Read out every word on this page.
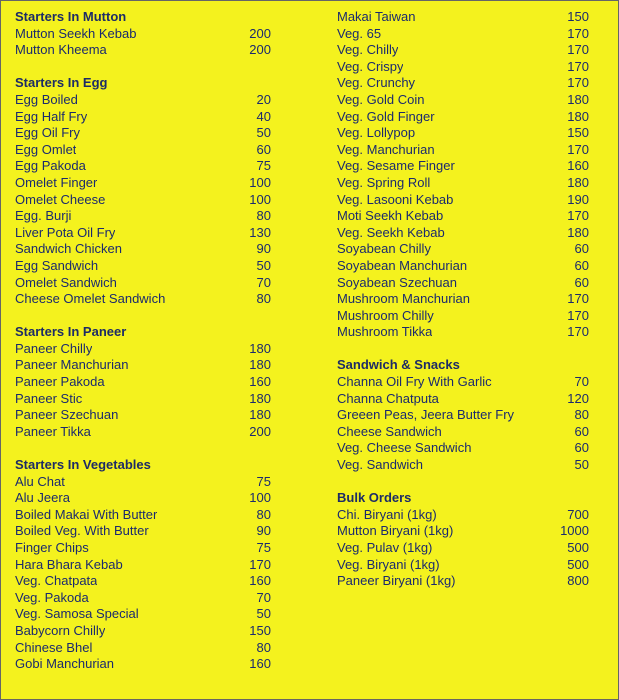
Starters In Mutton
Mutton Seekh Kebab	200
Mutton Kheema	200
Starters In Egg
Egg Boiled	20
Egg Half Fry	40
Egg Oil Fry	50
Egg Omlet	60
Egg Pakoda	75
Omelet Finger	100
Omelet Cheese	100
Egg. Burji	80
Liver Pota Oil Fry	130
Sandwich Chicken	90
Egg Sandwich	50
Omelet Sandwich	70
Cheese Omelet Sandwich	80
Starters In Paneer
Paneer Chilly	180
Paneer Manchurian	180
Paneer Pakoda	160
Paneer Stic	180
Paneer Szechuan	180
Paneer Tikka	200
Starters In Vegetables
Alu Chat	75
Alu Jeera	100
Boiled Makai With Butter	80
Boiled Veg. With Butter	90
Finger Chips	75
Hara Bhara Kebab	170
Veg. Chatpata	160
Veg. Pakoda	70
Veg. Samosa Special	50
Babycorn Chilly	150
Chinese Bhel	80
Gobi Manchurian	160
Makai Taiwan	150
Veg. 65	170
Veg. Chilly	170
Veg. Crispy	170
Veg. Crunchy	170
Veg. Gold Coin	180
Veg. Gold Finger	180
Veg. Lollypop	150
Veg. Manchurian	170
Veg. Sesame Finger	160
Veg. Spring Roll	180
Veg. Lasooni Kebab	190
Moti Seekh Kebab	170
Veg. Seekh Kebab	180
Soyabean Chilly	60
Soyabean Manchurian	60
Soyabean Szechuan	60
Mushroom Manchurian	170
Mushroom Chilly	170
Mushroom Tikka	170
Sandwich & Snacks
Channa Oil Fry With Garlic	70
Channa Chatputa	120
Greeen Peas, Jeera Butter Fry	80
Cheese Sandwich	60
Veg. Cheese Sandwich	60
Veg. Sandwich	50
Bulk Orders
Chi. Biryani (1kg)	700
Mutton Biryani (1kg)	1000
Veg. Pulav (1kg)	500
Veg. Biryani (1kg)	500
Paneer Biryani (1kg)	800
